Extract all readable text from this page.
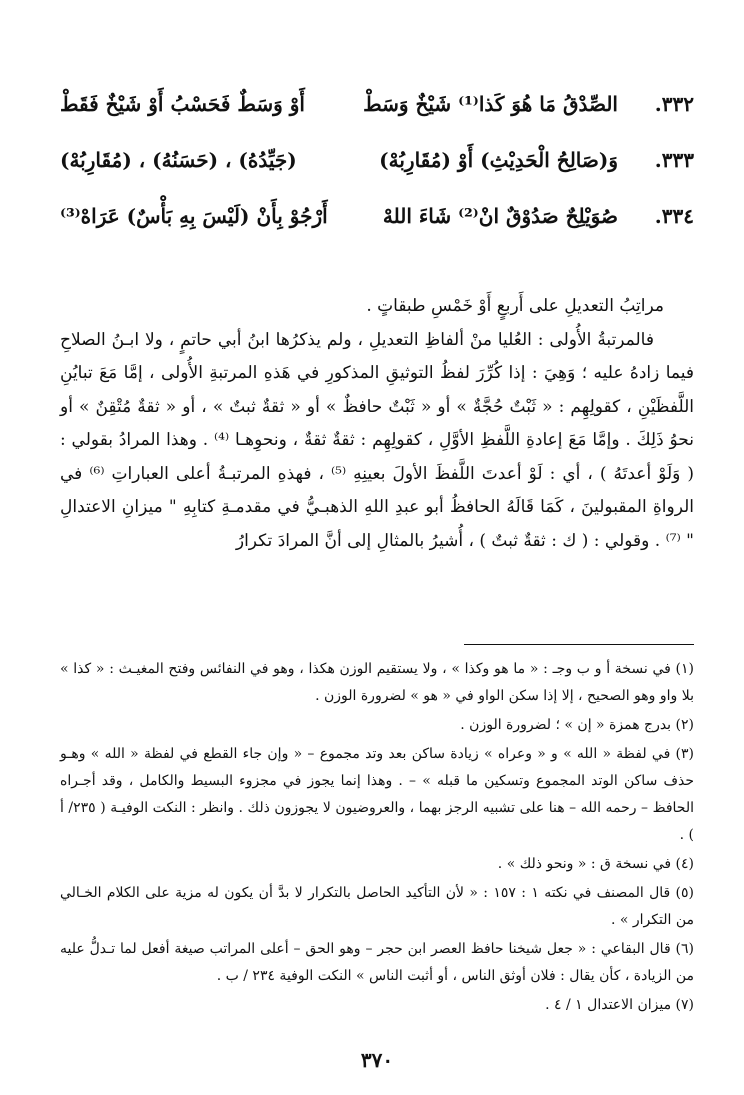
٣٣٢.
الصِّدْقُ مَا هُوَ كَذا⁽¹⁾ شَيْخٌ وَسَطْ
أَوْ وَسَطٌ فَحَسْبُ أَوْ شَيْخٌ فَقَطْ
٣٣٣.
وَ(صَالِحُ الْحَدِيْثِ) أَوْ (مُقَارِبُهْ)
(جَيِّدُهُ) ، (حَسَنُهُ) ، (مُقَارِبُهْ)
٣٣٤.
صُوَيْلِحٌ صَدُوْقٌ انْ⁽²⁾ شَاءَ اللهْ
أَرْجُوْ بِأَنْ (لَيْسَ بِهِ بَأْسٌ) عَرَاهْ⁽³⁾

مراتِبُ التعديلِ على أَربعٍ أَوْ خَمْسِ طبقاتٍ .

فالمرتبةُ الأُولى : العُليا منْ ألفاظِ التعديلِ ، ولم يذكرُها ابنُ أبي حاتمٍ ، ولا ابـنُ الصلاحِ فيما زادهُ عليه ؛ وَهِيَ : إذا كُرِّرَ لفظُ التوثيقِ المذكورِ في هَذهِ المرتبةِ الأُولى ، إمَّا مَعَ تبايُنِ اللَّفظَيْنِ ، كقولِهِم : « ثَبْتٌ حُجَّةٌ » أو « ثَبْتٌ حافظٌ » أو « ثقةٌ ثبتٌ » ، أو « ثقةٌ مُتْقِنٌ » أو نحوُ ذَلِكَ . وإمَّا مَعَ إعادةِ اللَّفظِ الأوَّلِ ، كقولِهِم : ثقةٌ ثقةٌ ، ونحوِهـا ⁽⁴⁾ . وهذا المرادُ بقولي : ( وَلَوْ أعدتَهُ ) ، أي : لَوْ أعدتَ اللَّفظَ الأولَ بعينِهِ ⁽⁵⁾ ، فهذهِ المرتبـةُ أعلى العباراتِ ⁽⁶⁾ في الرواةِ المقبولينَ ، كَمَا قَالَهُ الحافظُ أبو عبدِ اللهِ الذهبـيُّ في مقدمـةِ كتابِهِ " ميزانِ الاعتدالِ " ⁽⁷⁾ . وقولي : ( ك : ثقةٌ ثبتٌ ) ، أُشيرُ بالمثالِ إلى أنَّ المرادَ تكرارُ

(١) في نسخة أ و ب وجـ : « ما هو وكذا » ، ولا يستقيم الوزن هكذا ، وهو في النفائس وفتح المغيـث : « كذا » بلا واو وهو الصحيح ، إلا إذا سكن الواو في « هو » لضرورة الوزن .

(٢) بدرج همزة « إن » ؛ لضرورة الوزن .

(٣) في لفظة « الله » و « وعراه » زيادة ساكن بعد وتد مجموع – « وإن جاء القطع في لفظة « الله » وهـو حذف ساكن الوتد المجموع وتسكين ما قبله » – . وهذا إنما يجوز في مجزوء البسيط والكامل ، وقد أجـراه الحافظ – رحمه الله – هنا على تشبيه الرجز بهما ، والعروضيون لا يجوزون ذلك . وانظر : النكت الوفيـة ( ٢٣٥/ أ ) .

(٤) في نسخة ق : « ونحو ذلك » .

(٥) قال المصنف في نكته ١ : ١٥٧ : « لأن التأكيد الحاصل بالتكرار لا بدَّ أن يكون له مزية على الكلام الخـالي من التكرار » .

(٦) قال البقاعي : « جعل شيخنا حافظ العصر ابن حجر – وهو الحق – أعلى المراتب صيغة أفعل لما تـدلُّ عليه من الزيادة ، كأن يقال : فلان أوثق الناس ، أو أثبت الناس » النكت الوفية ٢٣٤ / ب .

(٧) ميزان الاعتدال ١ / ٤ .

٣٧٠
